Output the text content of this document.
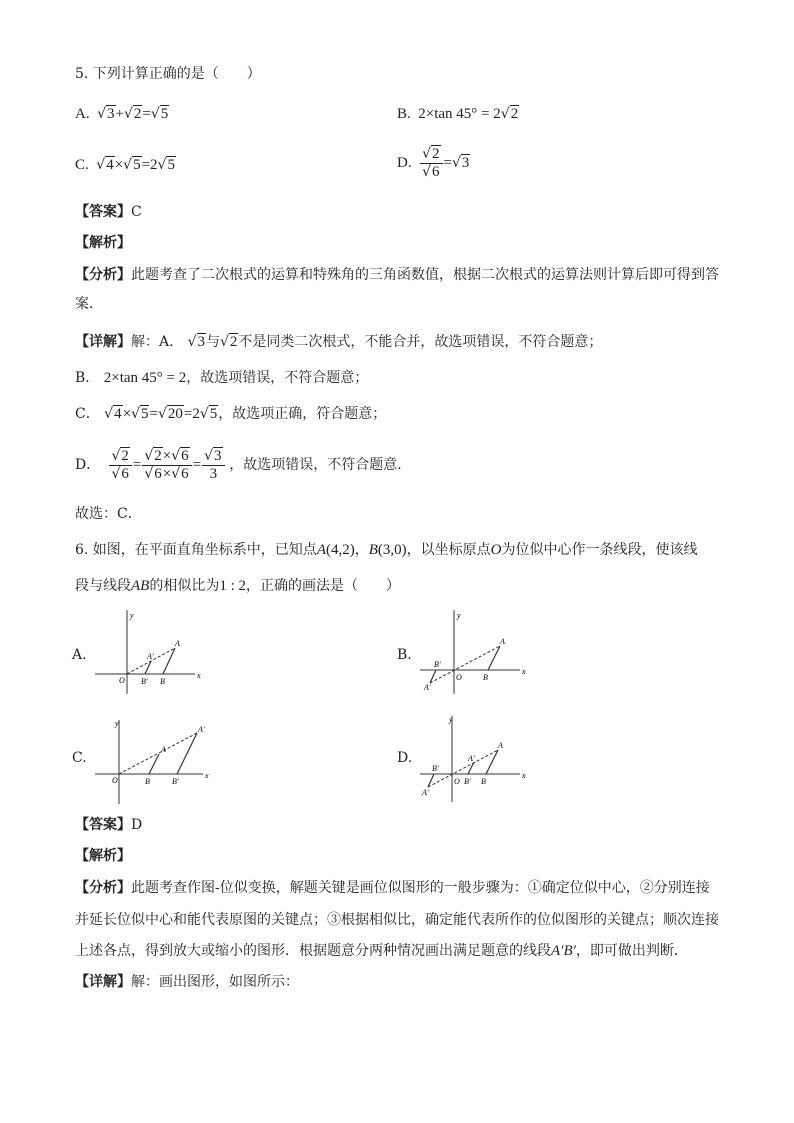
5. 下列计算正确的是（　　）
A. √3+√2=√5	B. 2×tan 45° = 2√2
C. √4×√5=2√5	D. $\frac{√2}{√6} =√3$
【答案】C
【解析】
【分析】此题考查了二次根式的运算和特殊角的三角函数值，根据二次根式的运算法则计算后即可得到答
案．
【详解】解：A． √3与√2不是同类二次根式，不能合并，故选项错误，不符合题意；
B． 2×tan 45° = 2，故选项错误，不符合题意；
C． √4×√5=√20=2√5，故选项正确，符合题意；
D． $\frac{√2}{√6} = \frac{√2\times√6}{√6\times√6} = \frac{√3}{3}$ ，故选项错误，不符合题意．
故选：C．
6. 如图，在平面直角坐标系中，已知点A(4,2)，B(3,0)，以坐标原点O为位似中心作一条线段，使该线
段与线段AB的相似比为1 : 2，正确的画法是（　　）
A.
y
x
O
A
A'
B' B
B.
y
x
O
A
A'
B'
B
C.
y
x
O
A
A'
B	B'
D.
y
x
O
A
A'
A'
B'
B' B
【答案】D
【解析】
【分析】此题考查作图-位似变换，解题关键是画位似图形的一般步骤为：①确定位似中心，②分别连接
并延长位似中心和能代表原图的关键点；③根据相似比，确定能代表所作的位似图形的关键点；顺次连接
上述各点，得到放大或缩小的图形．根据题意分两种情况画出满足题意的线段A′B′，即可做出判断．
【详解】解：画出图形，如图所示：
